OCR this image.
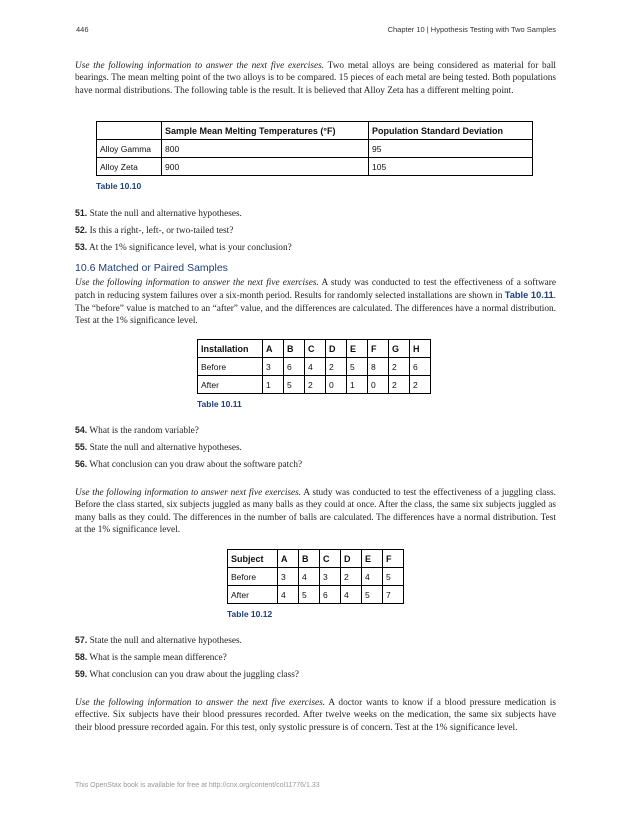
446	Chapter 10 | Hypothesis Testing with Two Samples

Use the following information to answer the next five exercises. Two metal alloys are being considered as material for ball bearings. The mean melting point of the two alloys is to be compared. 15 pieces of each metal are being tested. Both populations have normal distributions. The following table is the result. It is believed that Alloy Zeta has a different melting point.

	Sample Mean Melting Temperatures (°F)	Population Standard Deviation
Alloy Gamma	800	95
Alloy Zeta	900	105
Table 10.10
51. State the null and alternative hypotheses.
52. Is this a right-, left-, or two-tailed test?
53. At the 1% significance level, what is your conclusion?
10.6 Matched or Paired Samples

Use the following information to answer the next five exercises. A study was conducted to test the effectiveness of a software patch in reducing system failures over a six-month period. Results for randomly selected installations are shown in Table 10.11. The “before” value is matched to an “after” value, and the differences are calculated. The differences have a normal distribution. Test at the 1% significance level.

Installation	A	B	C	D	E	F	G	H
Before	3	6	4	2	5	8	2	6
After	1	5	2	0	1	0	2	2
Table 10.11
54. What is the random variable?
55. State the null and alternative hypotheses.
56. What conclusion can you draw about the software patch?

Use the following information to answer next five exercises. A study was conducted to test the effectiveness of a juggling class. Before the class started, six subjects juggled as many balls as they could at once. After the class, the same six subjects juggled as many balls as they could. The differences in the number of balls are calculated. The differences have a normal distribution. Test at the 1% significance level.

Subject	A	B	C	D	E	F
Before	3	4	3	2	4	5
After	4	5	6	4	5	7
Table 10.12
57. State the null and alternative hypotheses.
58. What is the sample mean difference?
59. What conclusion can you draw about the juggling class?

Use the following information to answer the next five exercises. A doctor wants to know if a blood pressure medication is effective. Six subjects have their blood pressures recorded. After twelve weeks on the medication, the same six subjects have their blood pressure recorded again. For this test, only systolic pressure is of concern. Test at the 1% significance level.

This OpenStax book is available for free at http://cnx.org/content/col11776/1.33
